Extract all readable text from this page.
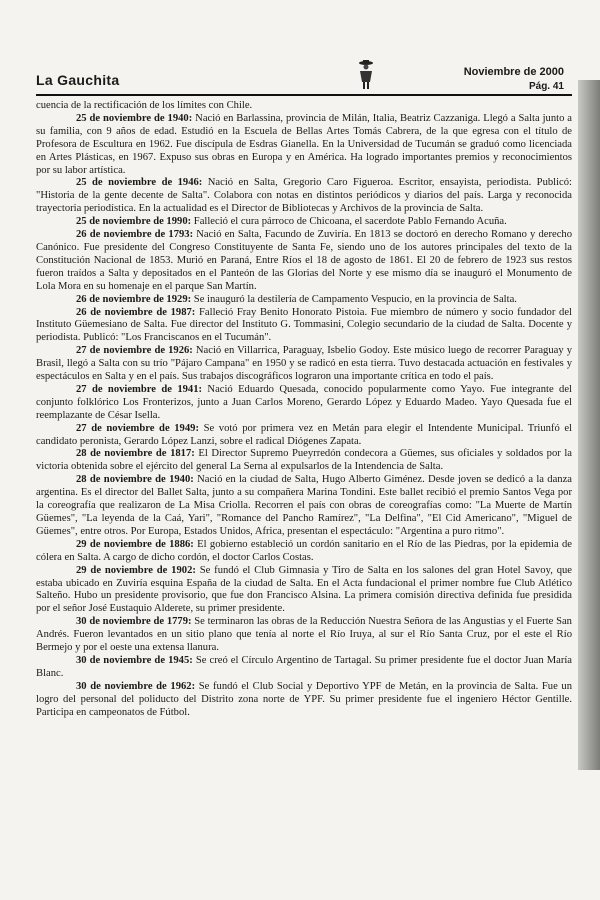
La Gauchita	Noviembre de 2000
Pág. 41

cuencia de la rectificación de los límites con Chile.

25 de noviembre de 1940: Nació en Barlassina, provincia de Milán, Italia, Beatriz Cazzaniga. Llegó a Salta junto a su familia, con 9 años de edad. Estudió en la Escuela de Bellas Artes Tomás Cabrera, de la que egresa con el título de Profesora de Escultura en 1962. Fue discípula de Esdras Gianella. En la Universidad de Tucumán se graduó como licenciada en Artes Plásticas, en 1967. Expuso sus obras en Europa y en América. Ha logrado importantes premios y reconocimientos por su labor artística.

25 de noviembre de 1946: Nació en Salta, Gregorio Caro Figueroa. Escritor, ensayista, periodista. Publicó: "Historia de la gente decente de Salta". Colabora con notas en distintos periódicos y diarios del país. Larga y reconocida trayectoria periodística. En la actualidad es el Director de Bibliotecas y Archivos de la provincia de Salta.

25 de noviembre de 1990: Falleció el cura párroco de Chicoana, el sacerdote Pablo Fernando Acuña.

26 de noviembre de 1793: Nació en Salta, Facundo de Zuviría. En 1813 se doctoró en derecho Romano y derecho Canónico. Fue presidente del Congreso Constituyente de Santa Fe, siendo uno de los autores principales del texto de la Constitución Nacional de 1853. Murió en Paraná, Entre Ríos el 18 de agosto de 1861. El 20 de febrero de 1923 sus restos fueron traídos a Salta y depositados en el Panteón de las Glorias del Norte y ese mismo día se inauguró el Monumento de Lola Mora en su homenaje en el parque San Martín.

26 de noviembre de 1929: Se inauguró la destilería de Campamento Vespucio, en la provincia de Salta.

26 de noviembre de 1987: Falleció Fray Benito Honorato Pistoia. Fue miembro de número y socio fundador del Instituto Güemesiano de Salta. Fue director del Instituto G. Tommasini, Colegio secundario de la ciudad de Salta. Docente y periodista. Publicó: "Los Franciscanos en el Tucumán".

27 de noviembre de 1926: Nació en Villarrica, Paraguay, Isbelio Godoy. Este músico luego de recorrer Paraguay y Brasil, llegó a Salta con su trío "Pájaro Campana" en 1950 y se radicó en esta tierra. Tuvo destacada actuación en festivales y espectáculos en Salta y en el país. Sus trabajos discográficos lograron una importante crítica en todo el país.

27 de noviembre de 1941: Nació Eduardo Quesada, conocido popularmente como Yayo. Fue integrante del conjunto folklórico Los Fronterizos, junto a Juan Carlos Moreno, Gerardo López y Eduardo Madeo. Yayo Quesada fue el reemplazante de César Isella.

27 de noviembre de 1949: Se votó por primera vez en Metán para elegir el Intendente Municipal. Triunfó el candidato peronista, Gerardo López Lanzi, sobre el radical Diógenes Zapata.

28 de noviembre de 1817: El Director Supremo Pueyrredón condecora a Güemes, sus oficiales y soldados por la victoria obtenida sobre el ejército del general La Serna al expulsarlos de la Intendencia de Salta.

28 de noviembre de 1940: Nació en la ciudad de Salta, Hugo Alberto Giménez. Desde joven se dedicó a la danza argentina. Es el director del Ballet Salta, junto a su compañera Marina Tondini. Este ballet recibió el premio Santos Vega por la coreografía que realizaron de La Misa Criolla. Recorren el país con obras de coreografías como: "La Muerte de Martín Güemes", "La leyenda de la Caá, Yari", "Romance del Pancho Ramírez", "La Delfina", "El Cid Americano", "Miguel de Güemes", entre otros. Por Europa, Estados Unidos, Africa, presentan el espectáculo: "Argentina a puro ritmo".

29 de noviembre de 1886: El gobierno estableció un cordón sanitario en el Río de las Piedras, por la epidemia de cólera en Salta. A cargo de dicho cordón, el doctor Carlos Costas.

29 de noviembre de 1902: Se fundó el Club Gimnasia y Tiro de Salta en los salones del gran Hotel Savoy, que estaba ubicado en Zuviría esquina España de la ciudad de Salta. En el Acta fundacional el primer nombre fue Club Atlético Salteño. Hubo un presidente provisorio, que fue don Francisco Alsina. La primera comisión directiva definida fue presidida por el señor José Eustaquio Alderete, su primer presidente.

30 de noviembre de 1779: Se terminaron las obras de la Reducción Nuestra Señora de las Angustias y el Fuerte San Andrés. Fueron levantados en un sitio plano que tenía al norte el Río Iruya, al sur el Río Santa Cruz, por el este el Río Bermejo y por el oeste una extensa llanura.

30 de noviembre de 1945: Se creó el Círculo Argentino de Tartagal. Su primer presidente fue el doctor Juan María Blanc.

30 de noviembre de 1962: Se fundó el Club Social y Deportivo YPF de Metán, en la provincia de Salta. Fue un logro del personal del poliducto del Distrito zona norte de YPF. Su primer presidente fue el ingeniero Héctor Gentille. Participa en campeonatos de Fútbol.
